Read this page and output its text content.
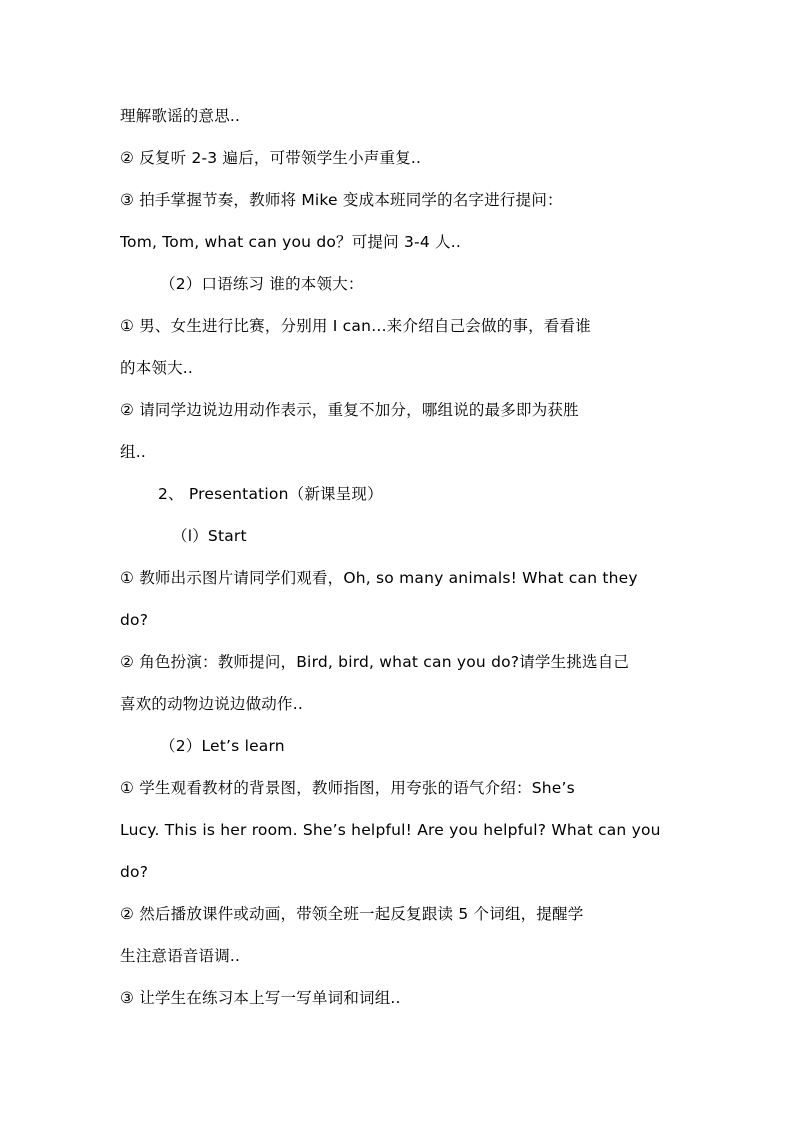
理解歌谣的意思..
② 反复听 2-3 遍后，可带领学生小声重复..
③ 拍手掌握节奏，教师将 Mike 变成本班同学的名字进行提问：
Tom, Tom, what can you do？可提问 3-4 人..
（2）口语练习 谁的本领大：
① 男、女生进行比赛，分别用 I can…来介绍自己会做的事，看看谁
的本领大..
② 请同学边说边用动作表示，重复不加分，哪组说的最多即为获胜
组..
2、 Presentation（新课呈现）
（l）Start
① 教师出示图片请同学们观看，Oh, so many animals! What can they
do?
② 角色扮演：教师提问，Bird, bird, what can you do?请学生挑选自己
喜欢的动物边说边做动作..
（2）Let’s learn
① 学生观看教材的背景图，教师指图，用夸张的语气介绍：She’s
Lucy. This is her room. She’s helpful! Are you helpful? What can you
do?
② 然后播放课件或动画，带领全班一起反复跟读 5 个词组，提醒学
生注意语音语调..
③ 让学生在练习本上写一写单词和词组..
